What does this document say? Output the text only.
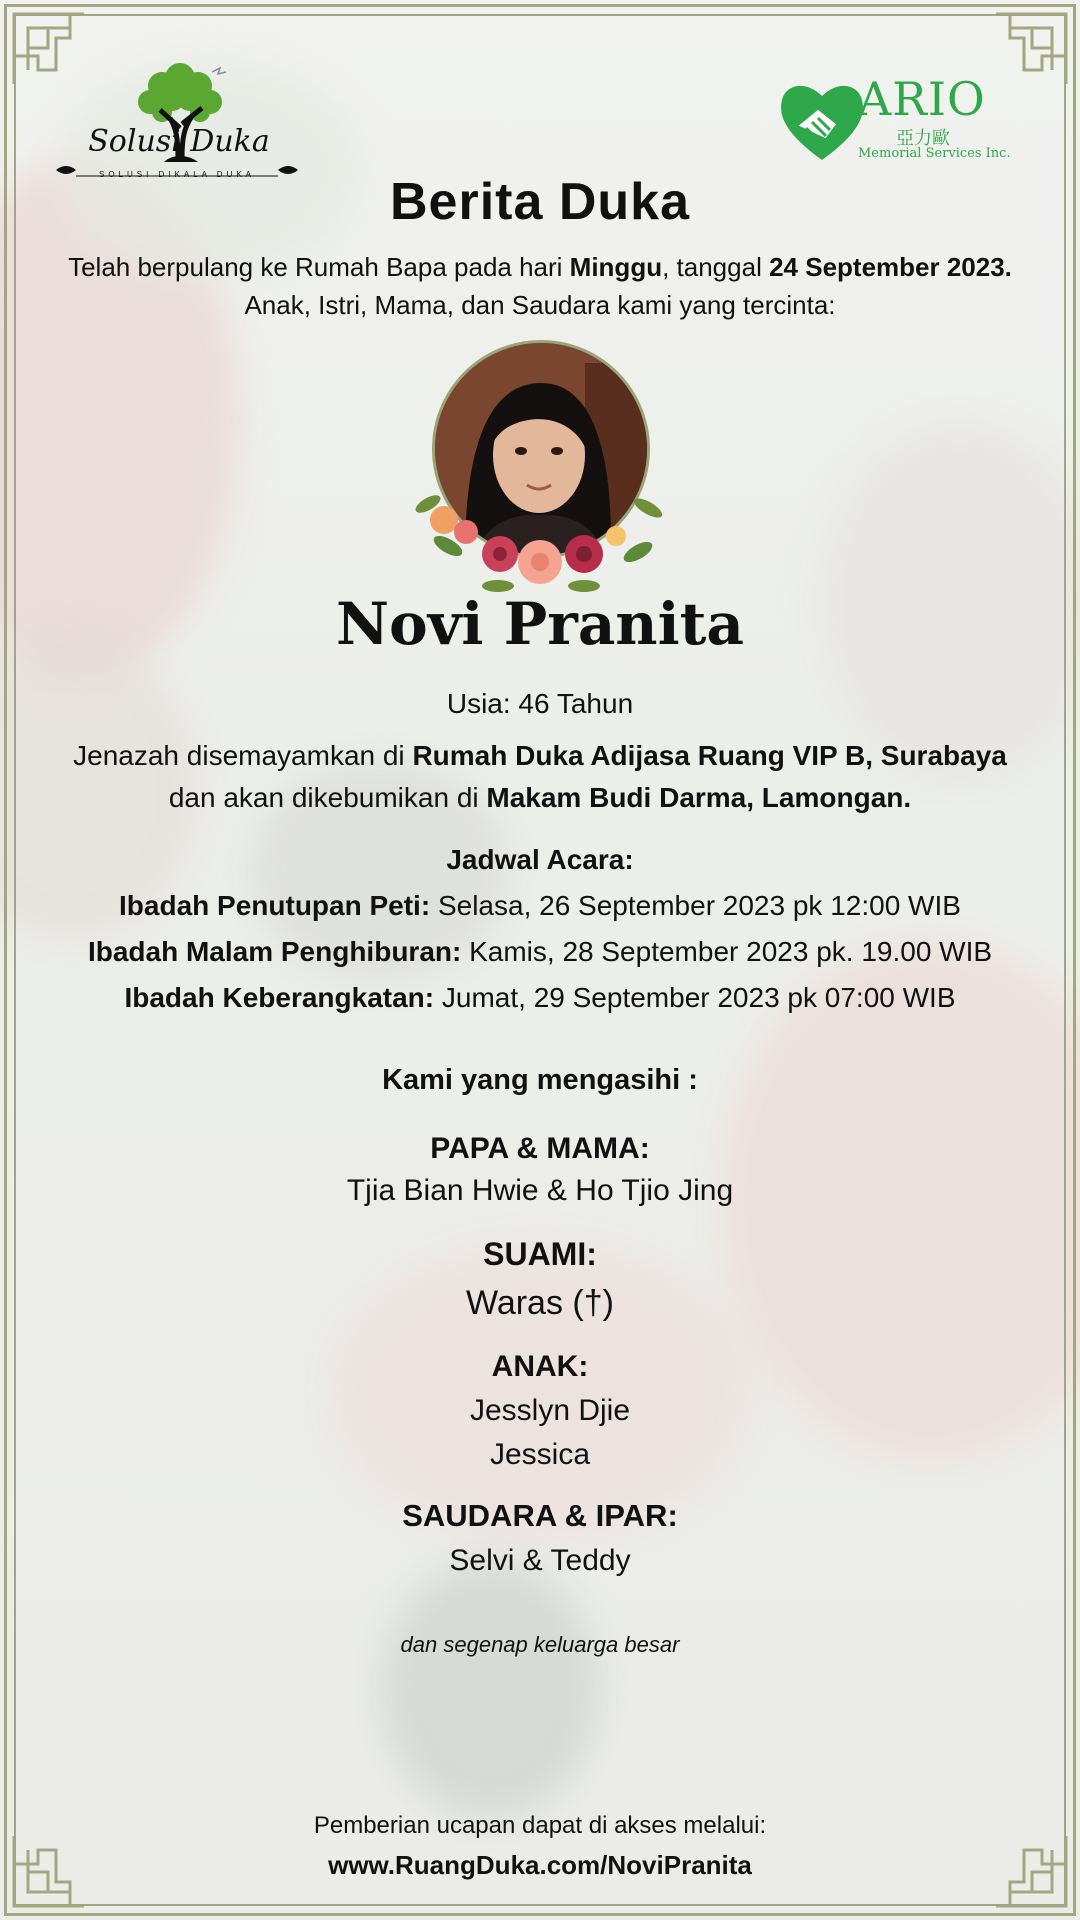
Solusi Duka
SOLUSI DIKALA DUKA
ARIO
亞力歐
Memorial Services Inc.
Berita Duka
Telah berpulang ke Rumah Bapa pada hari Minggu, tanggal 24 September 2023.
Anak, Istri, Mama, dan Saudara kami yang tercinta:
Novi Pranita
Usia: 46 Tahun
Jenazah disemayamkan di Rumah Duka Adijasa Ruang VIP B, Surabaya
dan akan dikebumikan di Makam Budi Darma, Lamongan.
Jadwal Acara:
Ibadah Penutupan Peti: Selasa, 26 September 2023 pk 12:00 WIB
Ibadah Malam Penghiburan: Kamis, 28 September 2023 pk. 19.00 WIB
Ibadah Keberangkatan: Jumat, 29 September 2023 pk 07:00 WIB
Kami yang mengasihi :
PAPA & MAMA:
Tjia Bian Hwie & Ho Tjio Jing
SUAMI:
Waras (†)
ANAK:
Jesslyn Djie
Jessica
SAUDARA & IPAR:
Selvi & Teddy
dan segenap keluarga besar
Pemberian ucapan dapat di akses melalui:
www.RuangDuka.com/NoviPranita
